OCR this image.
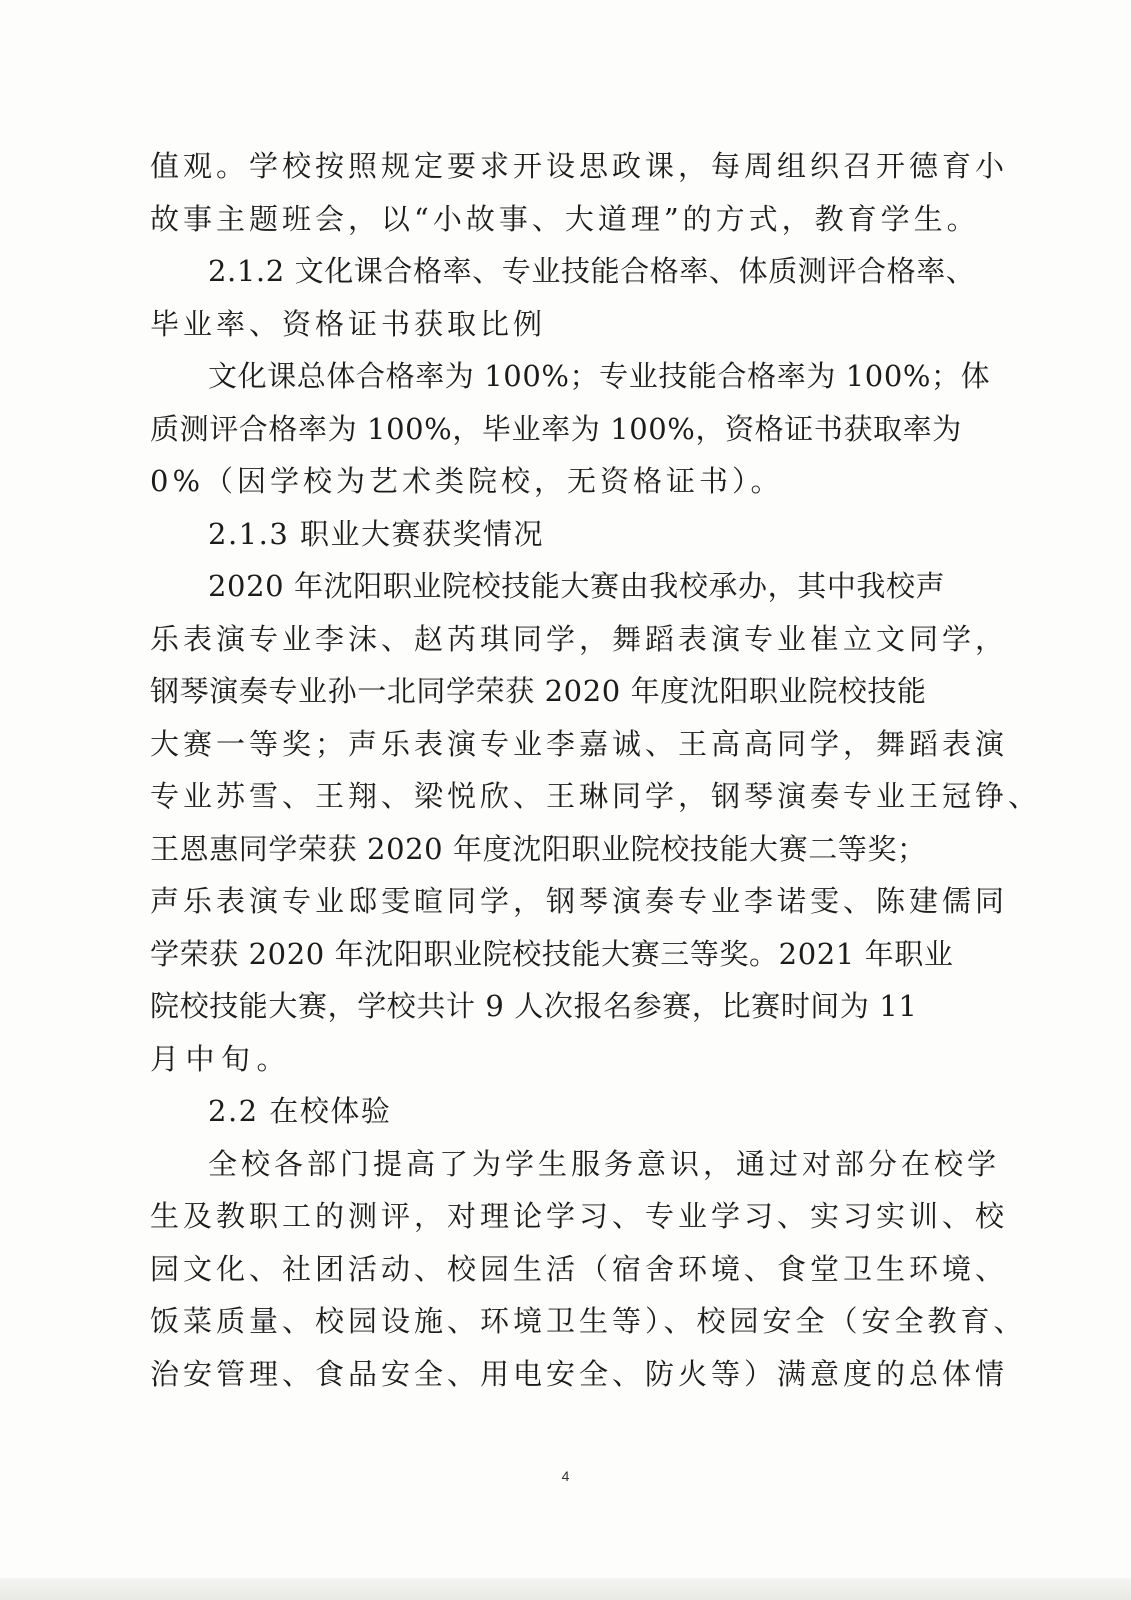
值观。学校按照规定要求开设思政课，每周组织召开德育小
故事主题班会，以“小故事、大道理”的方式，教育学生。
2.1.2 文化课合格率、专业技能合格率、体质测评合格率、
毕业率、资格证书获取比例
文化课总体合格率为 100%；专业技能合格率为 100%；体
质测评合格率为 100%，毕业率为 100%，资格证书获取率为
0%（因学校为艺术类院校，无资格证书）。
2.1.3 职业大赛获奖情况
2020 年沈阳职业院校技能大赛由我校承办，其中我校声
乐表演专业李沫、赵芮琪同学，舞蹈表演专业崔立文同学，
钢琴演奏专业孙一北同学荣获 2020 年度沈阳职业院校技能
大赛一等奖；声乐表演专业李嘉诚、王高高同学，舞蹈表演
专业苏雪、王翔、梁悦欣、王琳同学，钢琴演奏专业王冠铮、
王恩惠同学荣获 2020 年度沈阳职业院校技能大赛二等奖；
声乐表演专业邸雯暄同学，钢琴演奏专业李诺雯、陈建儒同
学荣获 2020 年沈阳职业院校技能大赛三等奖。2021 年职业
院校技能大赛，学校共计 9 人次报名参赛，比赛时间为 11
月中旬。
2.2 在校体验
全校各部门提高了为学生服务意识，通过对部分在校学
生及教职工的测评，对理论学习、专业学习、实习实训、校
园文化、社团活动、校园生活（宿舍环境、食堂卫生环境、
饭菜质量、校园设施、环境卫生等）、校园安全（安全教育、
治安管理、食品安全、用电安全、防火等）满意度的总体情
4
